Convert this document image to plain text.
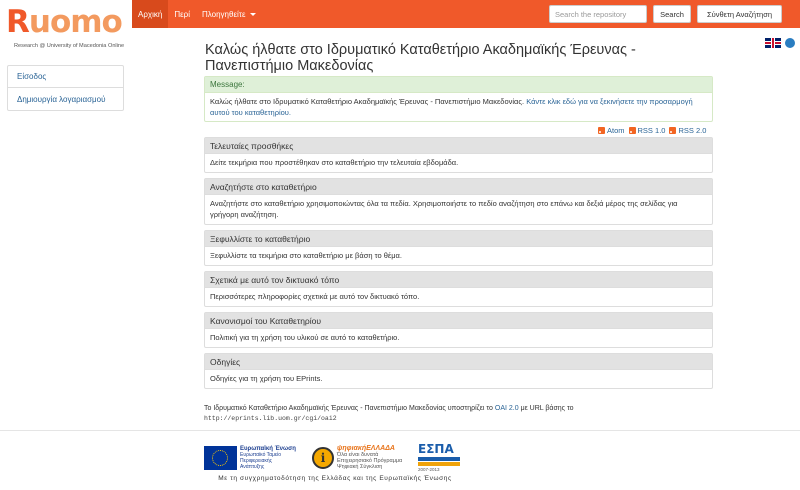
Ruomo
Research @ University of Macedonia Online
Αρχική	Περί	Πλοηγηθείτε
Search the repository	Search	Σύνθετη Αναζήτηση
Είσοδος
Δημιουργία λογαριασμού
Καλώς ήλθατε στο Ιδρυματικό Καταθετήριο Ακαδημαϊκής Έρευνας - Πανεπιστήμιο Μακεδονίας
Message:
Καλώς ήλθατε στο Ιδρυματικό Καταθετήριο Ακαδημαϊκής Έρευνας - Πανεπιστήμιο Μακεδονίας. Κάντε κλικ εδώ για να ξεκινήσετε την προσαρμογή αυτού του καταθετηρίου.
Atom RSS 1.0 RSS 2.0
Τελευταίες προσθήκες
Δείτε τεκμήρια που προστέθηκαν στο καταθετήριο την τελευταία εβδομάδα.
Αναζητήστε στο καταθετήριο
Αναζητήστε στο καταθετήριο χρησιμοποιώντας όλα τα πεδία. Χρησιμοποιήστε το πεδίο αναζήτηση στο επάνω και δεξιά μέρος της σελίδας για γρήγορη αναζήτηση.
Ξεφυλλίστε το καταθετήριο
Ξεφυλλίστε τα τεκμήρια στο καταθετήριο με βάση το θέμα.
Σχετικά με αυτό τον δικτυακό τόπο
Περισσότερες πληροφορίες σχετικά με αυτό τον δικτυακό τόπο.
Κανονισμοί του Καταθετηρίου
Πολιτική για τη χρήση του υλικού σε αυτό το καταθετήριο.
Οδηγίες
Οδηγίες για τη χρήση του EPrints.
Το Ιδρυματικό Καταθετήριο Ακαδημαϊκής Έρευνας - Πανεπιστήμιο Μακεδονίας υποστηρίζει το OAI 2.0 με URL βάσης το
http://eprints.lib.uom.gr/cgi/oai2
Ευρωπαϊκή Ένωση
Ευρωπαϊκό Ταμείο
Περιφερειακής
Ανάπτυξης
i
ψηφιακήΕΛΛΑΔΑ
Όλα είναι δυνατά
Επιχειρησιακό Πρόγραμμα
Ψηφιακή Σύγκλιση
ΕΣΠΑ
2007-2013
Με τη συγχρηματοδότηση της Ελλάδας και της Ευρωπαϊκής Ένωσης
